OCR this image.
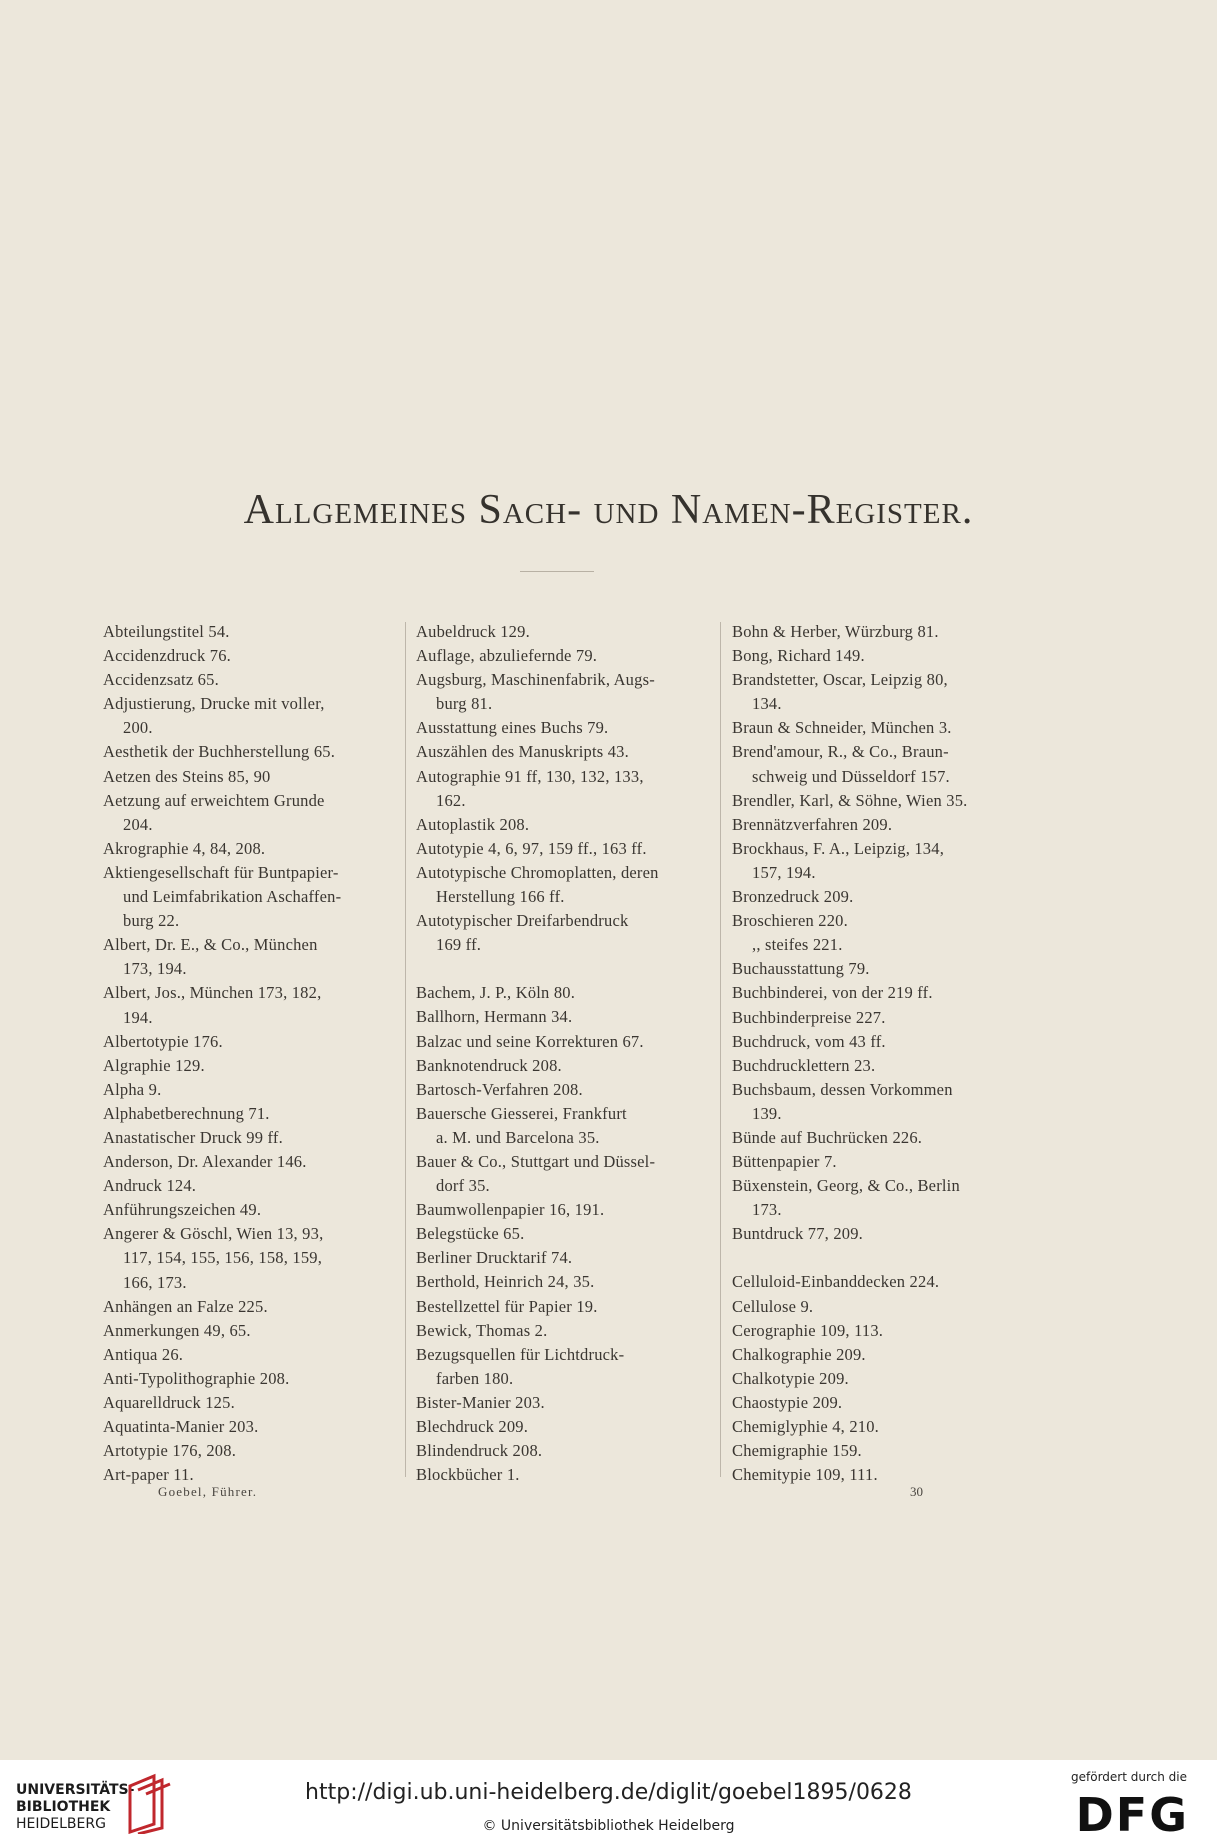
Allgemeines Sach- und Namen-Register.
Abteilungstitel 54.
Accidenzdruck 76.
Accidenzsatz 65.
Adjustierung, Drucke mit voller,
200.
Aesthetik der Buchherstellung 65.
Aetzen des Steins 85, 90
Aetzung auf erweichtem Grunde
204.
Akrographie 4, 84, 208.
Aktiengesellschaft für Buntpapier-
und Leimfabrikation Aschaffen-
burg 22.
Albert, Dr. E., & Co., München
173, 194.
Albert, Jos., München 173, 182,
194.
Albertotypie 176.
Algraphie 129.
Alpha 9.
Alphabetberechnung 71.
Anastatischer Druck 99 ff.
Anderson, Dr. Alexander 146.
Andruck 124.
Anführungszeichen 49.
Angerer & Göschl, Wien 13, 93,
117, 154, 155, 156, 158, 159,
166, 173.
Anhängen an Falze 225.
Anmerkungen 49, 65.
Antiqua 26.
Anti-Typolithographie 208.
Aquarelldruck 125.
Aquatinta-Manier 203.
Artotypie 176, 208.
Art-paper 11.
Aubeldruck 129.
Auflage, abzuliefernde 79.
Augsburg, Maschinenfabrik, Augs-
burg 81.
Ausstattung eines Buchs 79.
Auszählen des Manuskripts 43.
Autographie 91 ff, 130, 132, 133,
162.
Autoplastik 208.
Autotypie 4, 6, 97, 159 ff., 163 ff.
Autotypische Chromoplatten, deren
Herstellung 166 ff.
Autotypischer Dreifarbendruck
169 ff.
Bachem, J. P., Köln 80.
Ballhorn, Hermann 34.
Balzac und seine Korrekturen 67.
Banknotendruck 208.
Bartosch-Verfahren 208.
Bauersche Giesserei, Frankfurt
a. M. und Barcelona 35.
Bauer & Co., Stuttgart und Düssel-
dorf 35.
Baumwollenpapier 16, 191.
Belegstücke 65.
Berliner Drucktarif 74.
Berthold, Heinrich 24, 35.
Bestellzettel für Papier 19.
Bewick, Thomas 2.
Bezugsquellen für Lichtdruck-
farben 180.
Bister-Manier 203.
Blechdruck 209.
Blindendruck 208.
Blockbücher 1.
Bohn & Herber, Würzburg 81.
Bong, Richard 149.
Brandstetter, Oscar, Leipzig 80,
134.
Braun & Schneider, München 3.
Brend'amour, R., & Co., Braun-
schweig und Düsseldorf 157.
Brendler, Karl, & Söhne, Wien 35.
Brennätzverfahren 209.
Brockhaus, F. A., Leipzig, 134,
157, 194.
Bronzedruck 209.
Broschieren 220.
,, steifes 221.
Buchausstattung 79.
Buchbinderei, von der 219 ff.
Buchbinderpreise 227.
Buchdruck, vom 43 ff.
Buchdrucklettern 23.
Buchsbaum, dessen Vorkommen
139.
Bünde auf Buchrücken 226.
Büttenpapier 7.
Büxenstein, Georg, & Co., Berlin
173.
Buntdruck 77, 209.
Celluloid-Einbanddecken 224.
Cellulose 9.
Cerographie 109, 113.
Chalkographie 209.
Chalkotypie 209.
Chaostypie 209.
Chemiglyphie 4, 210.
Chemigraphie 159.
Chemitypie 109, 111.
Goebel, Führer.	30
UNIVERSITÄTS-
BIBLIOTHEK
HEIDELBERG
http://digi.ub.uni-heidelberg.de/diglit/goebel1895/0628
© Universitätsbibliothek Heidelberg
gefördert durch die
DFG
